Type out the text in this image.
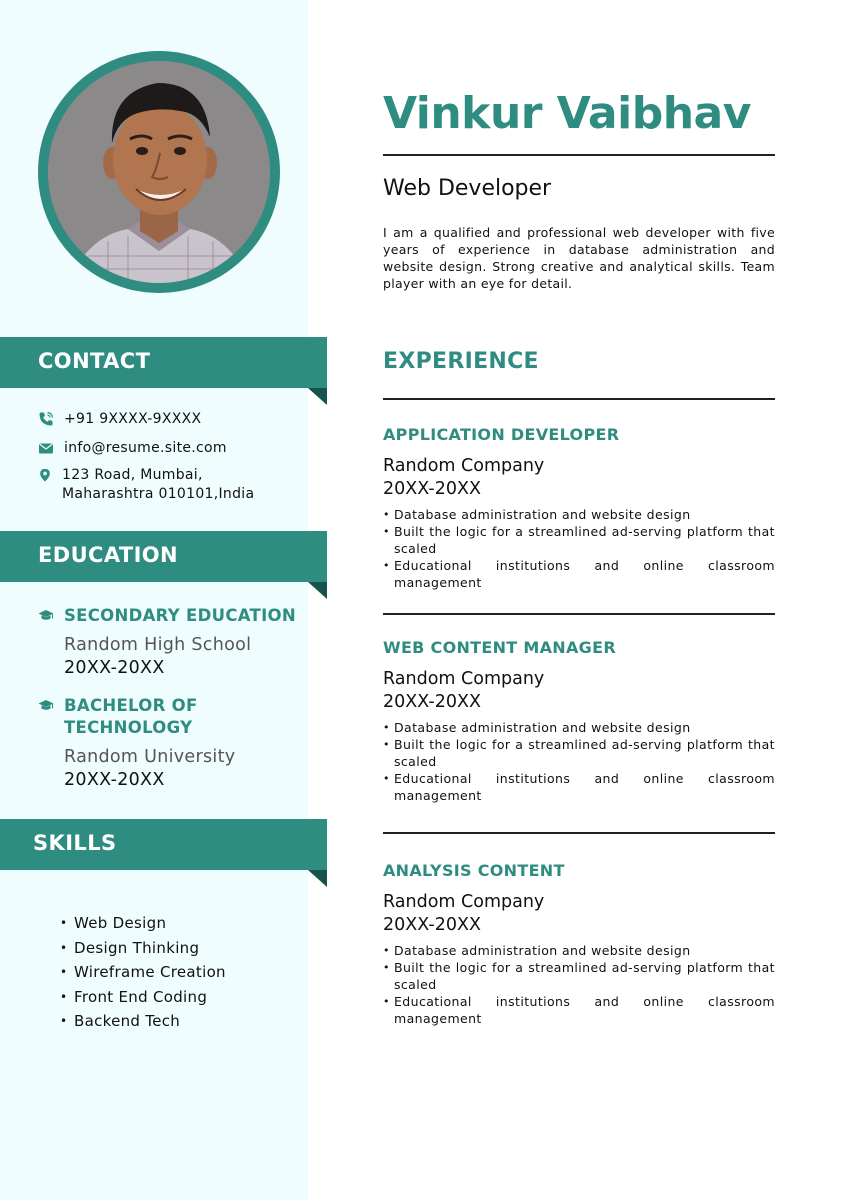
CONTACT
+91 9XXXX-9XXXX
info@resume.site.com
123 Road, Mumbai,
Maharashtra 010101,India
EDUCATION
SECONDARY EDUCATION
Random High School
20XX-20XX
BACHELOR OF TECHNOLOGY
Random University
20XX-20XX
SKILLS
• Web Design
• Design Thinking
• Wireframe Creation
• Front End Coding
• Backend Tech
Vinkur Vaibhav
Web Developer
I am a qualified and professional web developer with five years of experience in database administration and website design. Strong creative and analytical skills. Team player with an eye for detail.
EXPERIENCE
APPLICATION DEVELOPER
Random Company
20XX-20XX
• Database administration and website design
• Built the logic for a streamlined ad-serving platform that scaled
• Educational institutions and online classroom management
WEB CONTENT MANAGER
Random Company
20XX-20XX
• Database administration and website design
• Built the logic for a streamlined ad-serving platform that scaled
• Educational institutions and online classroom management
ANALYSIS CONTENT
Random Company
20XX-20XX
• Database administration and website design
• Built the logic for a streamlined ad-serving platform that scaled
• Educational institutions and online classroom management
